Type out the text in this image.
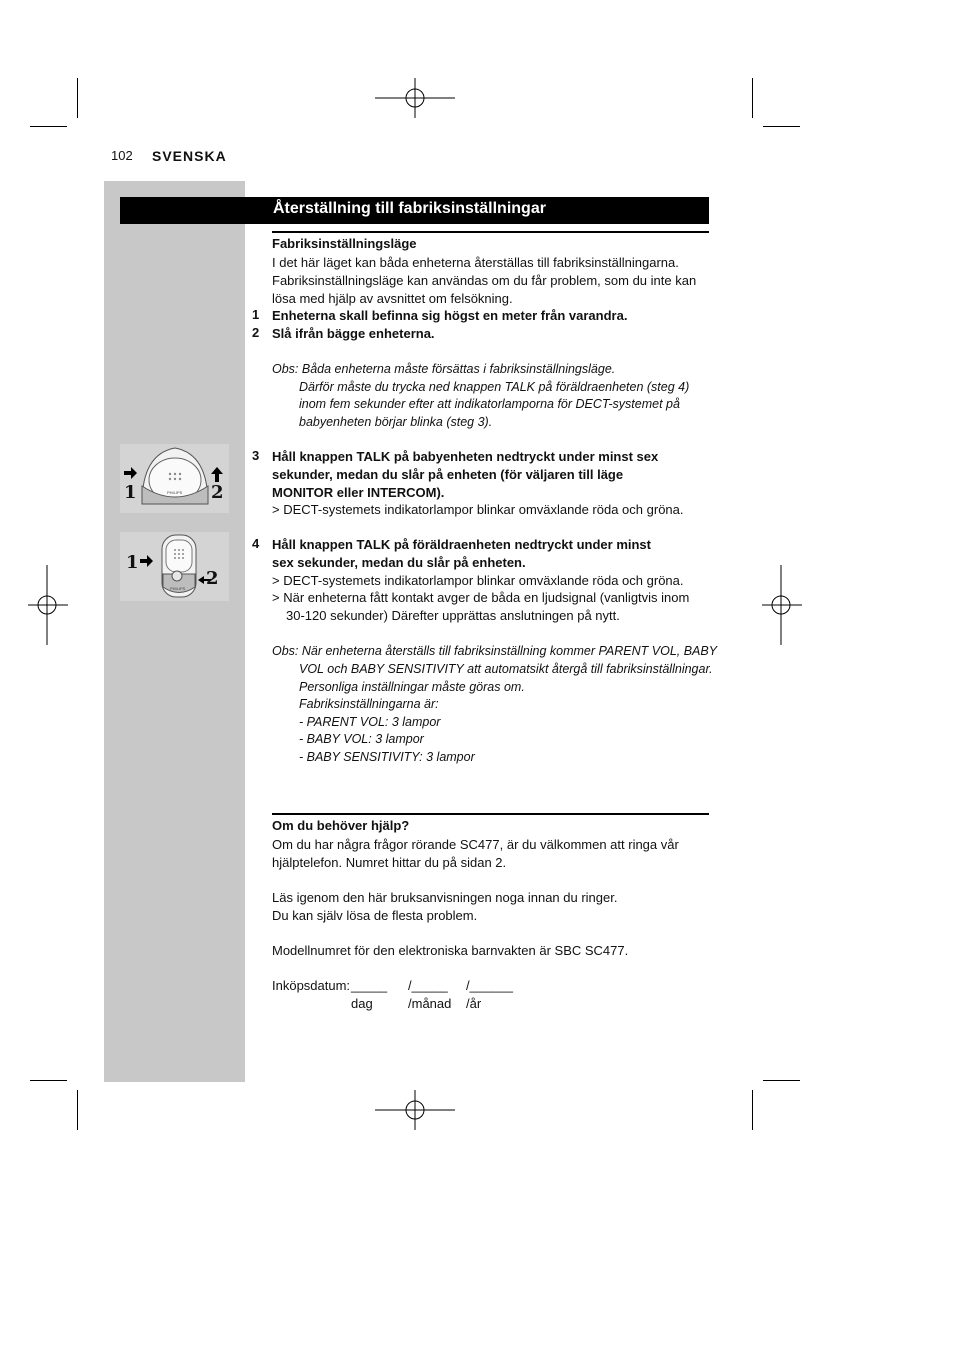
102 SVENSKA
Återställning till fabriksinställningar
Fabriksinställningsläge
I det här läget kan båda enheterna återställas till fabriksinställningarna.
Fabriksinställningsläge kan användas om du får problem, som du inte kan
lösa med hjälp av avsnittet om felsökning.
1 Enheterna skall befinna sig högst en meter från varandra.
2 Slå ifrån bägge enheterna.
Obs: Båda enheterna måste försättas i fabriksinställningsläge.
Därför måste du trycka ned knappen TALK på föräldraenheten (steg 4)
inom fem sekunder efter att indikatorlamporna för DECT-systemet på
babyenheten börjar blinka (steg 3).
1	2
PHILIPS
3 Håll knappen TALK på babyenheten nedtryckt under minst sex
sekunder, medan du slår på enheten (för väljaren till läge
MONITOR eller INTERCOM).
> DECT-systemets indikatorlampor blinkar omväxlande röda och gröna.
1
2
PHILIPS
4 Håll knappen TALK på föräldraenheten nedtryckt under minst
sex sekunder, medan du slår på enheten.
> DECT-systemets indikatorlampor blinkar omväxlande röda och gröna.
> När enheterna fått kontakt avger de båda en ljudsignal (vanligtvis inom
30-120 sekunder) Därefter upprättas anslutningen på nytt.
Obs: När enheterna återställs till fabriksinställning kommer PARENT VOL, BABY
VOL och BABY SENSITIVITY att automatsikt återgå till fabriksinställningar.
Personliga inställningar måste göras om.
Fabriksinställningarna är:
- PARENT VOL: 3 lampor
- BABY VOL: 3 lampor
- BABY SENSITIVITY: 3 lampor
Om du behöver hjälp?
Om du har några frågor rörande SC477, är du välkommen att ringa vår
hjälptelefon. Numret hittar du på sidan 2.
Läs igenom den här bruksanvisningen noga innan du ringer.
Du kan själv lösa de flesta problem.
Modellnumret för den elektroniska barnvakten är SBC SC477.
Inköpsdatum: _____ /_____ /______
dag	/månad /år
